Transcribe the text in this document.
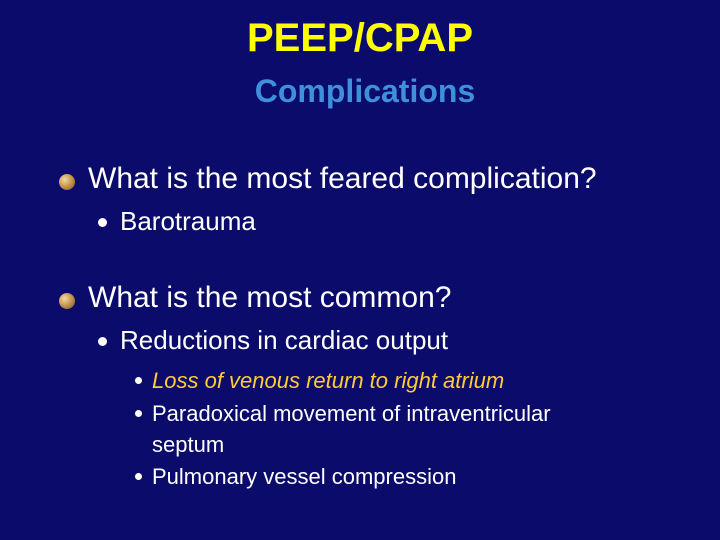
PEEP/CPAP
Complications
What is the most feared complication?
Barotrauma
What is the most common?
Reductions in cardiac output
Loss of venous return to right atrium
Paradoxical movement of intraventricular septum
Pulmonary vessel compression
